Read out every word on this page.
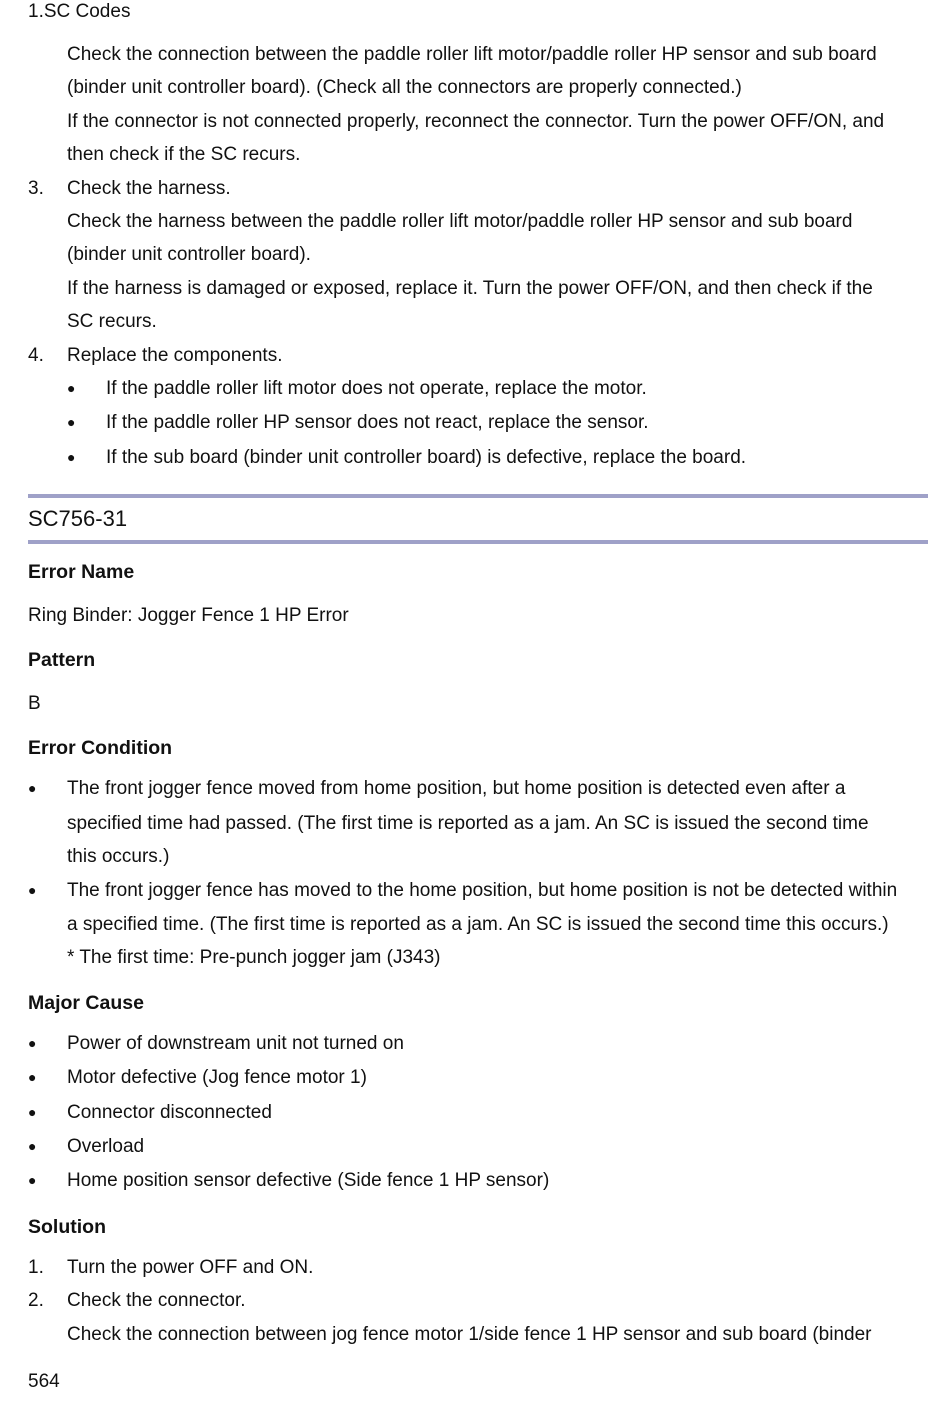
1.SC Codes

Check the connection between the paddle roller lift motor/paddle roller HP sensor and sub board

(binder unit controller board). (Check all the connectors are properly connected.)

If the connector is not connected properly, reconnect the connector. Turn the power OFF/ON, and

then check if the SC recurs.

3.	Check the harness.

Check the harness between the paddle roller lift motor/paddle roller HP sensor and sub board

(binder unit controller board).

If the harness is damaged or exposed, replace it. Turn the power OFF/ON, and then check if the

SC recurs.

4.	Replace the components.
●	If the paddle roller lift motor does not operate, replace the motor.
●	If the paddle roller HP sensor does not react, replace the sensor.
●	If the sub board (binder unit controller board) is defective, replace the board.
SC756-31
Error Name
Ring Binder: Jogger Fence 1 HP Error
Pattern
B
Error Condition
●	The front jogger fence moved from home position, but home position is detected even after a

specified time had passed. (The first time is reported as a jam. An SC is issued the second time

this occurs.)

●	The front jogger fence has moved to the home position, but home position is not be detected within

a specified time. (The first time is reported as a jam. An SC is issued the second time this occurs.)

* The first time: Pre-punch jogger jam (J343)

Major Cause
●	Power of downstream unit not turned on
●	Motor defective (Jog fence motor 1)
●	Connector disconnected
●	Overload
●	Home position sensor defective (Side fence 1 HP sensor)
Solution
1.	Turn the power OFF and ON.
2.	Check the connector.

Check the connection between jog fence motor 1/side fence 1 HP sensor and sub board (binder

564
